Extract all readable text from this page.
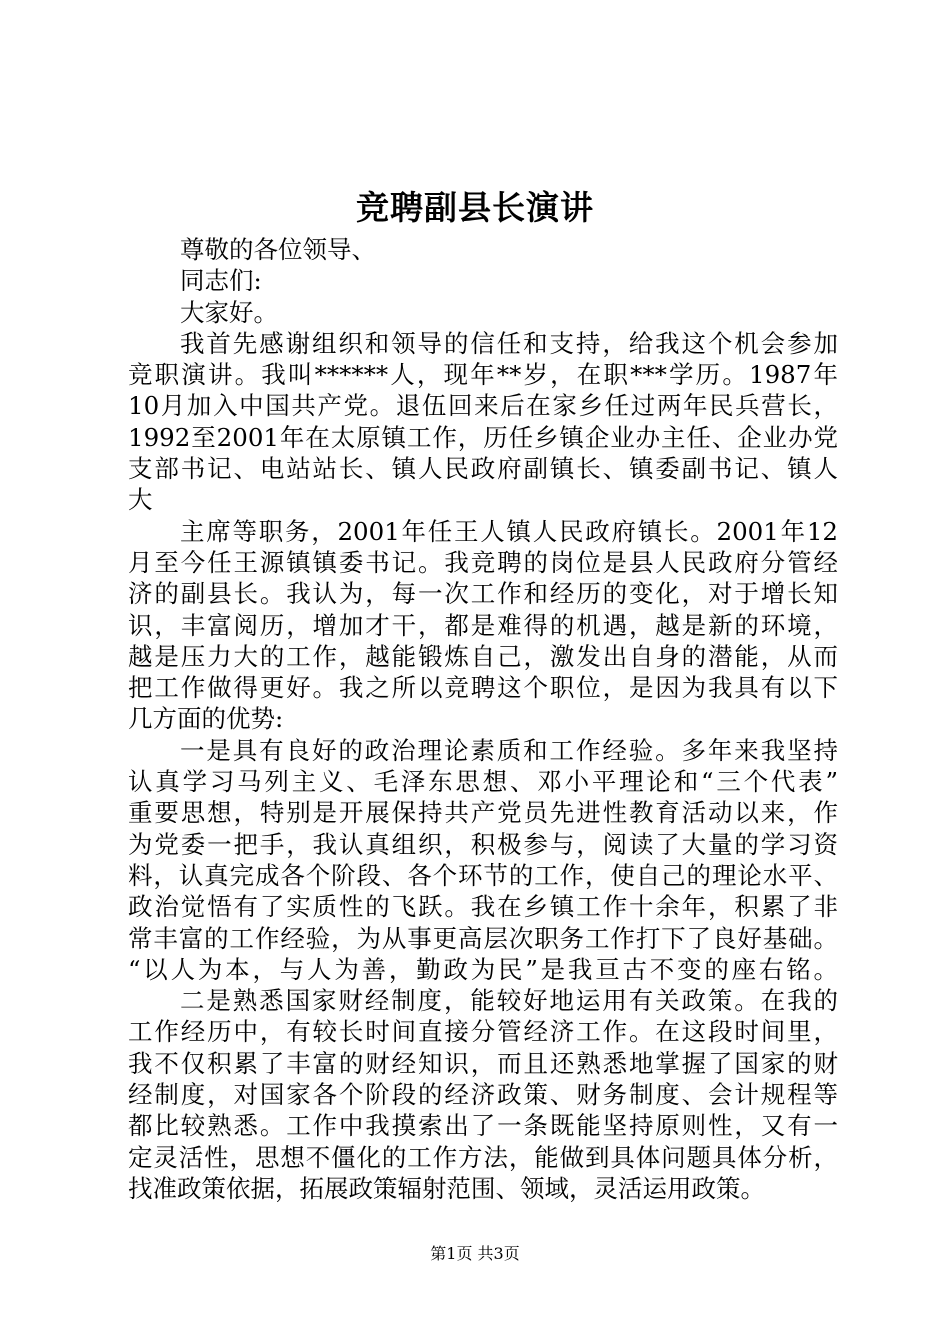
竞聘副县长演讲
尊敬的各位领导、
同志们:
大家好。
我首先感谢组织和领导的信任和支持，给我这个机会参加
竞职演讲。我叫******人，现年**岁，在职***学历。1987年
10月加入中国共产党。退伍回来后在家乡任过两年民兵营长，
1992至2001年在太原镇工作，历任乡镇企业办主任、企业办党
支部书记、电站站长、镇人民政府副镇长、镇委副书记、镇人
大
主席等职务，2001年任王人镇人民政府镇长。2001年12
月至今任王源镇镇委书记。我竞聘的岗位是县人民政府分管经
济的副县长。我认为，每一次工作和经历的变化，对于增长知
识，丰富阅历，增加才干，都是难得的机遇，越是新的环境，
越是压力大的工作，越能锻炼自己，激发出自身的潜能，从而
把工作做得更好。我之所以竞聘这个职位，是因为我具有以下
几方面的优势:
一是具有良好的政治理论素质和工作经验。多年来我坚持
认真学习马列主义、毛泽东思想、邓小平理论和“三个代表”
重要思想，特别是开展保持共产党员先进性教育活动以来，作
为党委一把手，我认真组织，积极参与，阅读了大量的学习资
料，认真完成各个阶段、各个环节的工作，使自己的理论水平、
政治觉悟有了实质性的飞跃。我在乡镇工作十余年，积累了非
常丰富的工作经验，为从事更高层次职务工作打下了良好基础。
“以人为本，与人为善，勤政为民”是我亘古不变的座右铭。
二是熟悉国家财经制度，能较好地运用有关政策。在我的
工作经历中，有较长时间直接分管经济工作。在这段时间里，
我不仅积累了丰富的财经知识，而且还熟悉地掌握了国家的财
经制度，对国家各个阶段的经济政策、财务制度、会计规程等
都比较熟悉。工作中我摸索出了一条既能坚持原则性，又有一
定灵活性，思想不僵化的工作方法，能做到具体问题具体分析，
找准政策依据，拓展政策辐射范围、领域，灵活运用政策。
第1页 共3页
